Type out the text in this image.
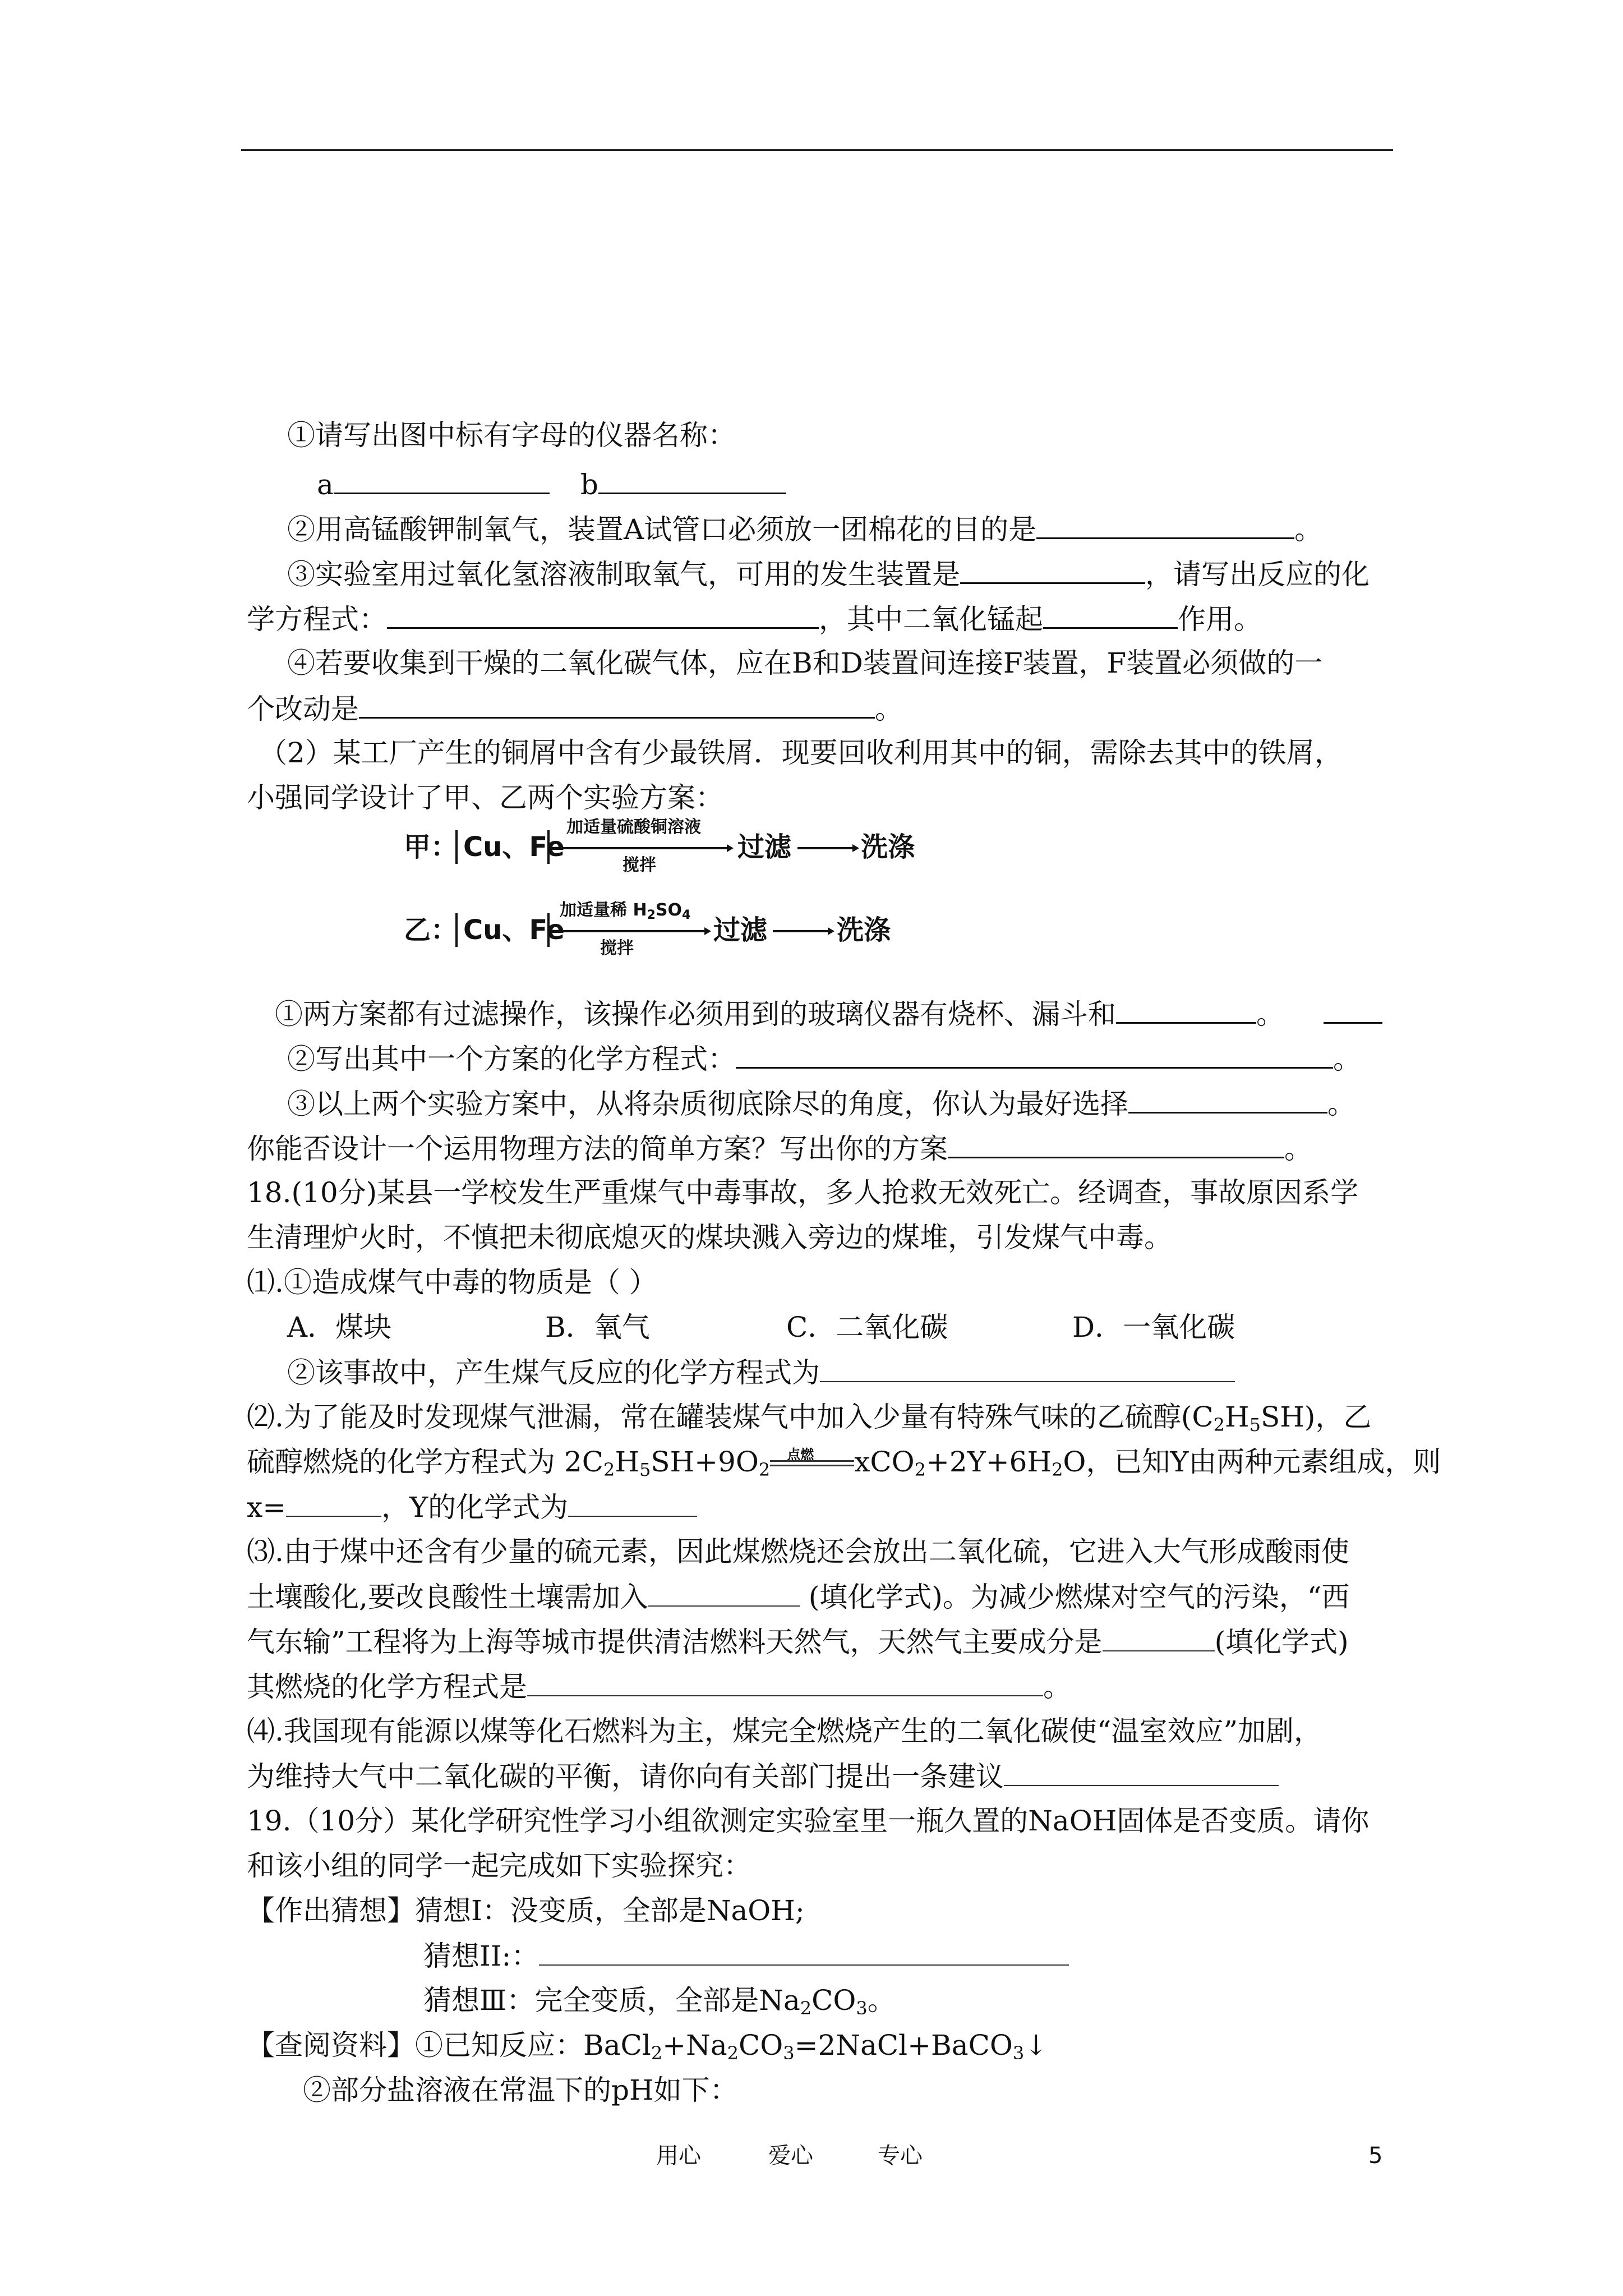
①请写出图中标有字母的仪器名称：
a	b
②用高锰酸钾制氧气，装置A试管口必须放一团棉花的目的是	。
③实验室用过氧化氢溶液制取氧气，可用的发生装置是	，请写出反应的化
学方程式：	，其中二氧化锰起	作用。
④若要收集到干燥的二氧化碳气体，应在B和D装置间连接F装置，F装置必须做的一
个改动是	。
（2）某工厂产生的铜屑中含有少最铁屑．现要回收利用其中的铜，需除去其中的铁屑，
小强同学设计了甲、乙两个实验方案：
甲： Cu、Fe
加适量硫酸铜溶液
搅拌
过滤	洗涤
乙： Cu、Fe
加适量稀 $H_2SO_4$
搅拌
过滤	洗涤
①两方案都有过滤操作，该操作必须用到的玻璃仪器有烧杯、漏斗和	。
②写出其中一个方案的化学方程式：	。
③以上两个实验方案中，从将杂质彻底除尽的角度，你认为最好选择	。
你能否设计一个运用物理方法的简单方案？写出你的方案	。
18.(10分)某县一学校发生严重煤气中毒事故，多人抢救无效死亡。经调查，事故原因系学
生清理炉火时，不慎把未彻底熄灭的煤块溅入旁边的煤堆，引发煤气中毒。
⑴.①造成煤气中毒的物质是（ ）
A．煤块	B．氧气	C．二氧化碳	D．一氧化碳
②该事故中，产生煤气反应的化学方程式为
⑵.为了能及时发现煤气泄漏，常在罐装煤气中加入少量有特殊气味的乙硫醇$(C_2H_5SH)$，乙
硫醇燃烧的化学方程式为 $2C_2H_5SH+9O_2$
点燃 $xCO_2+2Y+6H_2O$，已知Y由两种元素组成，则
x=	，Y的化学式为
⑶.由于煤中还含有少量的硫元素，因此煤燃烧还会放出二氧化硫，它进入大气形成酸雨使
土壤酸化,要改良酸性土壤需加入	(填化学式)。为减少燃煤对空气的污染，“西
气东输”工程将为上海等城市提供清洁燃料天然气，天然气主要成分是	(填化学式)
其燃烧的化学方程式是	。
⑷.我国现有能源以煤等化石燃料为主，煤完全燃烧产生的二氧化碳使“温室效应”加剧，
为维持大气中二氧化碳的平衡，请你向有关部门提出一条建议
19.（10分）某化学研究性学习小组欲测定实验室里一瓶久置的NaOH固体是否变质。请你
和该小组的同学一起完成如下实验探究：
【作出猜想】猜想I：没变质，全部是NaOH;
猜想II:：
猜想Ⅲ：完全变质，全部是$Na_2CO_3$。
【查阅资料】①已知反应：$BaCl_2+Na_2CO_3=2NaCl+BaCO_3↓$
②部分盐溶液在常温下的pH如下：
用心	爱心	专心	5
